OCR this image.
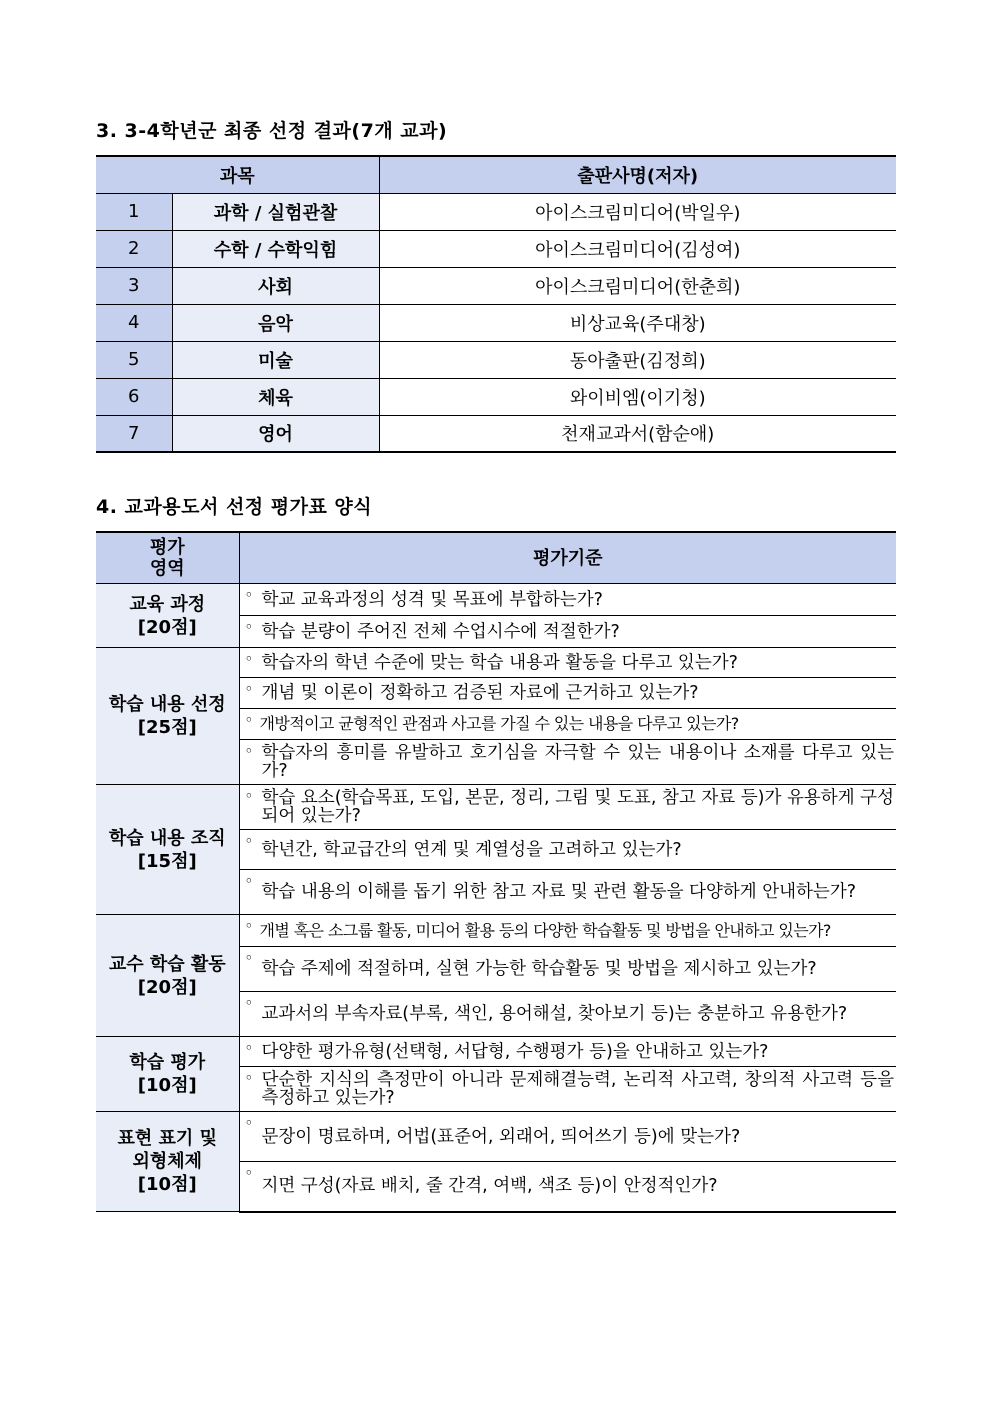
3. 3-4학년군 최종 선정 결과(7개 교과)
과목		출판사명(저자)
1	과학 / 실험관찰	아이스크림미디어(박일우)
2	수학 / 수학익힘	아이스크림미디어(김성여)
3	사회	아이스크림미디어(한춘희)
4	음악	비상교육(주대창)
5	미술	동아출판(김정희)
6	체육	와이비엠(이기청)
7	영어	천재교과서(함순애)
4. 교과용도서 선정 평가표 양식
평가
영역	평가기준

교육 과정
[20점]	◦ 학교 교육과정의 성격 및 목표에 부합하는가?
	◦ 학습 분량이 주어진 전체 수업시수에 적절한가?

학습 내용 선정
[25점]	◦ 학습자의 학년 수준에 맞는 학습 내용과 활동을 다루고 있는가?
	◦ 개념 및 이론이 정확하고 검증된 자료에 근거하고 있는가?
	◦ 개방적이고 균형적인 관점과 사고를 가질 수 있는 내용을 다루고 있는가?
	◦ 학습자의 흥미를 유발하고 호기심을 자극할 수 있는 내용이나 소재를 다루고 있는가?

학습 내용 조직
[15점]	◦ 학습 요소(학습목표, 도입, 본문, 정리, 그림 및 도표, 참고 자료 등)가 유용하게 구성되어 있는가?
	◦ 학년간, 학교급간의 연계 및 계열성을 고려하고 있는가?
	◦ 학습 내용의 이해를 돕기 위한 참고 자료 및 관련 활동을 다양하게 안내하는가?

교수 학습 활동
[20점]	◦ 개별 혹은 소그룹 활동, 미디어 활용 등의 다양한 학습활동 및 방법을 안내하고 있는가?
	◦ 학습 주제에 적절하며, 실현 가능한 학습활동 및 방법을 제시하고 있는가?
	◦ 교과서의 부속자료(부록, 색인, 용어해설, 찾아보기 등)는 충분하고 유용한가?

학습 평가
[10점]	◦ 다양한 평가유형(선택형, 서답형, 수행평가 등)을 안내하고 있는가?
	◦ 단순한 지식의 측정만이 아니라 문제해결능력, 논리적 사고력, 창의적 사고력 등을 측정하고 있는가?

표현 표기 및
외형체제
[10점]	◦ 문장이 명료하며, 어법(표준어, 외래어, 띄어쓰기 등)에 맞는가?
	◦ 지면 구성(자료 배치, 줄 간격, 여백, 색조 등)이 안정적인가?
